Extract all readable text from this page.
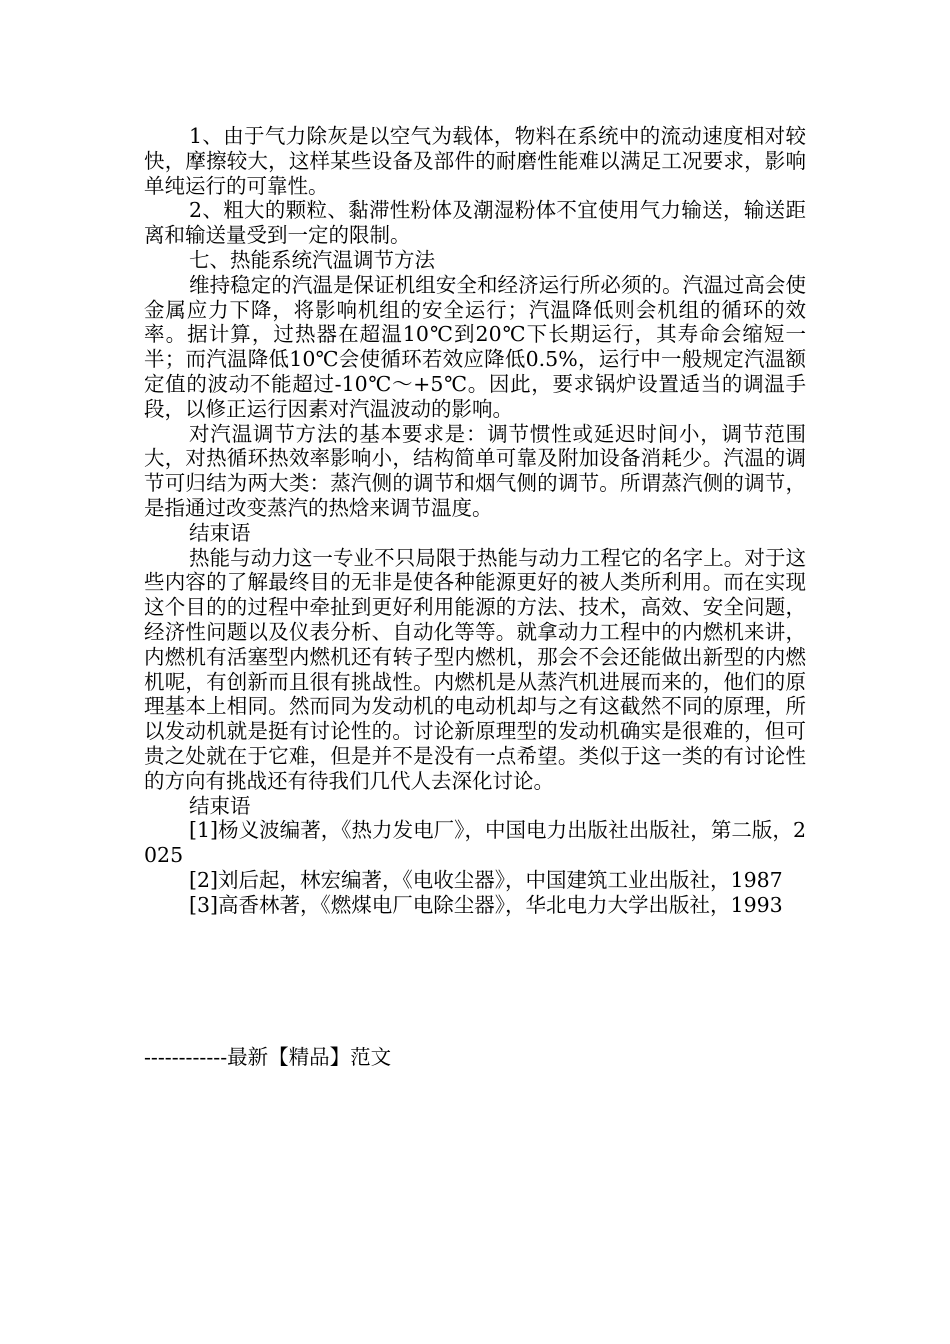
1、由于气力除灰是以空气为载体，物料在系统中的流动速度相对较快，摩擦较大，这样某些设备及部件的耐磨性能难以满足工况要求，影响单纯运行的可靠性。

2、粗大的颗粒、黏滞性粉体及潮湿粉体不宜使用气力输送，输送距离和输送量受到一定的限制。

七、热能系统汽温调节方法

维持稳定的汽温是保证机组安全和经济运行所必须的。汽温过高会使金属应力下降，将影响机组的安全运行；汽温降低则会机组的循环的效率。据计算，过热器在超温10℃到20℃下长期运行，其寿命会缩短一半；而汽温降低10℃会使循环若效应降低0.5%，运行中一般规定汽温额定值的波动不能超过-10℃～+5℃。因此，要求锅炉设置适当的调温手段，以修正运行因素对汽温波动的影响。

对汽温调节方法的基本要求是：调节惯性或延迟时间小，调节范围大，对热循环热效率影响小，结构简单可靠及附加设备消耗少。汽温的调节可归结为两大类：蒸汽侧的调节和烟气侧的调节。所谓蒸汽侧的调节，是指通过改变蒸汽的热焓来调节温度。

结束语

热能与动力这一专业不只局限于热能与动力工程它的名字上。对于这些内容的了解最终目的无非是使各种能源更好的被人类所利用。而在实现这个目的的过程中牵扯到更好利用能源的方法、技术，高效、安全问题，经济性问题以及仪表分析、自动化等等。就拿动力工程中的内燃机来讲，内燃机有活塞型内燃机还有转子型内燃机，那会不会还能做出新型的内燃机呢，有创新而且很有挑战性。内燃机是从蒸汽机进展而来的，他们的原理基本上相同。然而同为发动机的电动机却与之有这截然不同的原理，所以发动机就是挺有讨论性的。讨论新原理型的发动机确实是很难的，但可贵之处就在于它难，但是并不是没有一点希望。类似于这一类的有讨论性的方向有挑战还有待我们几代人去深化讨论。

结束语

[1]杨义波编著，《热力发电厂》，中国电力出版社出版社，第二版，2025

[2]刘后起，林宏编著，《电收尘器》，中国建筑工业出版社，1987

[3]高香林著，《燃煤电厂电除尘器》，华北电力大学出版社，1993

------------最新【精品】范文
